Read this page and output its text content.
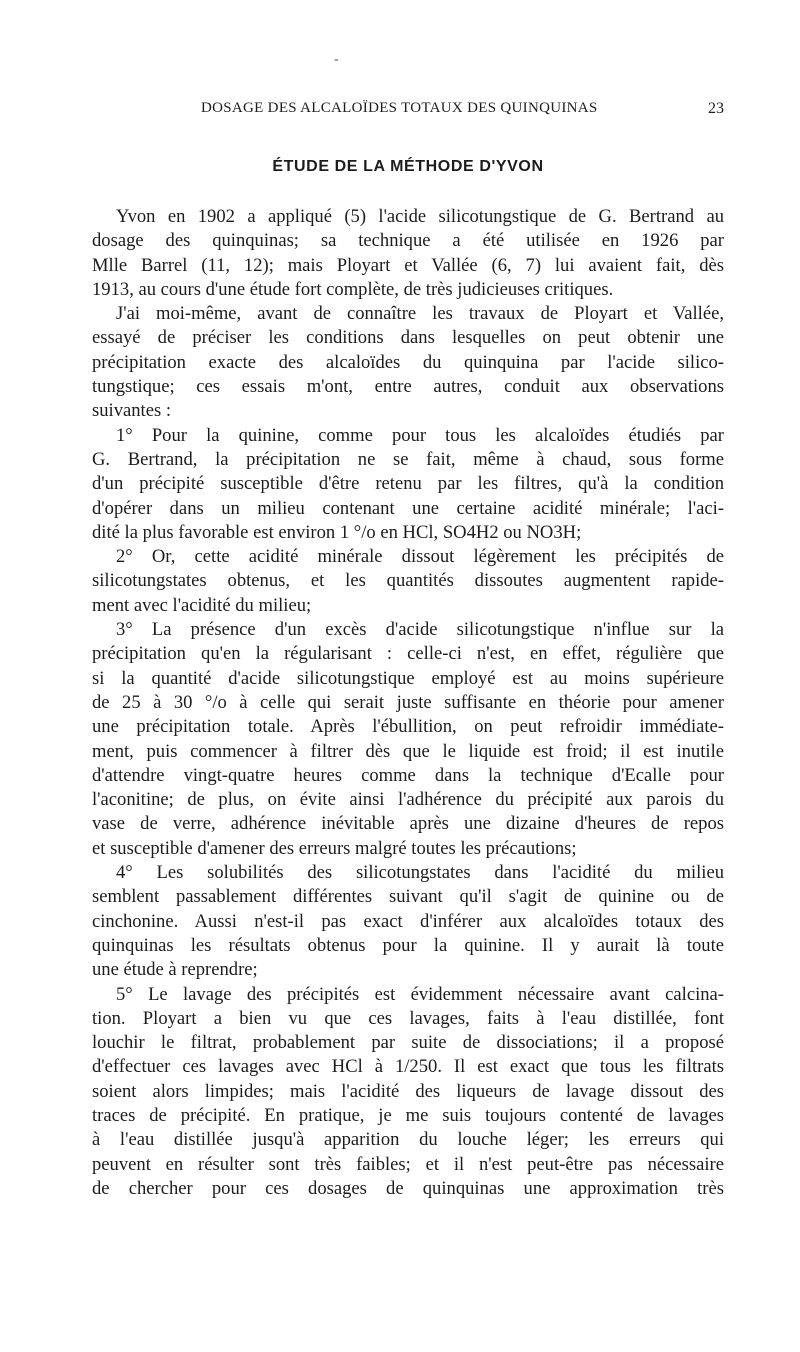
-
DOSAGE DES ALCALOÏDES TOTAUX DES QUINQUINAS	23
ÉTUDE DE LA MÉTHODE D'YVON
Yvon en 1902 a appliqué (5) l'acide silicotungstique de G. Bertrand au
dosage des quinquinas; sa technique a été utilisée en 1926 par
Mlle Barrel (11, 12); mais Ployart et Vallée (6, 7) lui avaient fait, dès
1913, au cours d'une étude fort complète, de très judicieuses critiques.
J'ai moi-même, avant de connaître les travaux de Ployart et Vallée,
essayé de préciser les conditions dans lesquelles on peut obtenir une
précipitation exacte des alcaloïdes du quinquina par l'acide silico-
tungstique; ces essais m'ont, entre autres, conduit aux observations
suivantes :
1° Pour la quinine, comme pour tous les alcaloïdes étudiés par
G. Bertrand, la précipitation ne se fait, même à chaud, sous forme
d'un précipité susceptible d'être retenu par les filtres, qu'à la condition
d'opérer dans un milieu contenant une certaine acidité minérale; l'aci-
dité la plus favorable est environ 1 °/o en HCl, SO4H2 ou NO3H;
2° Or, cette acidité minérale dissout légèrement les précipités de
silicotungstates obtenus, et les quantités dissoutes augmentent rapide-
ment avec l'acidité du milieu;
3° La présence d'un excès d'acide silicotungstique n'influe sur la
précipitation qu'en la régularisant : celle-ci n'est, en effet, régulière que
si la quantité d'acide silicotungstique employé est au moins supérieure
de 25 à 30 °/o à celle qui serait juste suffisante en théorie pour amener
une précipitation totale. Après l'ébullition, on peut refroidir immédiate-
ment, puis commencer à filtrer dès que le liquide est froid; il est inutile
d'attendre vingt-quatre heures comme dans la technique d'Ecalle pour
l'aconitine; de plus, on évite ainsi l'adhérence du précipité aux parois du
vase de verre, adhérence inévitable après une dizaine d'heures de repos
et susceptible d'amener des erreurs malgré toutes les précautions;
4° Les solubilités des silicotungstates dans l'acidité du milieu
semblent passablement différentes suivant qu'il s'agit de quinine ou de
cinchonine. Aussi n'est-il pas exact d'inférer aux alcaloïdes totaux des
quinquinas les résultats obtenus pour la quinine. Il y aurait là toute
une étude à reprendre;
5° Le lavage des précipités est évidemment nécessaire avant calcina-
tion. Ployart a bien vu que ces lavages, faits à l'eau distillée, font
louchir le filtrat, probablement par suite de dissociations; il a proposé
d'effectuer ces lavages avec HCl à 1/250. Il est exact que tous les filtrats
soient alors limpides; mais l'acidité des liqueurs de lavage dissout des
traces de précipité. En pratique, je me suis toujours contenté de lavages
à l'eau distillée jusqu'à apparition du louche léger; les erreurs qui
peuvent en résulter sont très faibles; et il n'est peut-être pas nécessaire
de chercher pour ces dosages de quinquinas une approximation très
